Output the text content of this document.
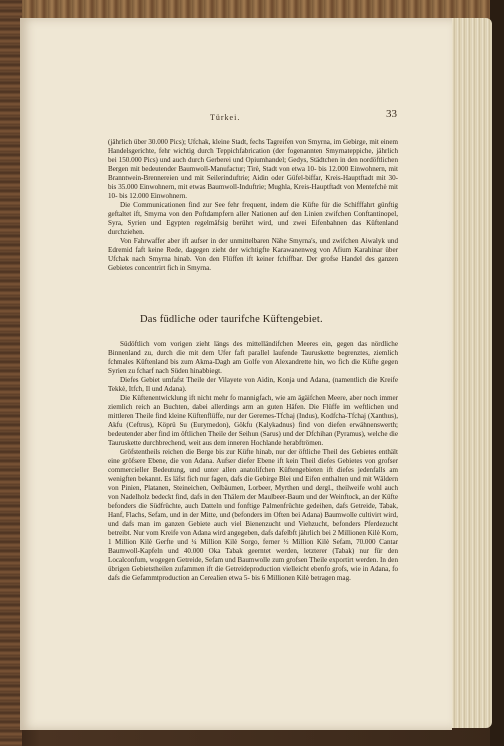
Türkei.	33

(jährlich über 30.000 Pics); Ufchak, kleine Stadt, fechs Tagreifen von Smyrna, im Gebirge, mit einem Handelsgerichte, fehr wichtig durch Teppichfabrication (der fogenannten Smyrnateppiche, jährlich bei 150.000 Pics) und auch durch Gerberei und Opiumhandel; Gedys, Städtchen in den nordöftlichen Bergen mit bedeutender Baumwoll-Manufactur; Tirè, Stadt von etwa 10- bis 12.000 Einwohnern, mit Branntwein-Brennereien und mit Seilerinduftrie; Aidin oder Güfel-biffar, Kreis-Hauptftadt mit 30- bis 35.000 Einwohnern, mit etwas Baumwoll-Induftrie; Mughla, Kreis-Hauptftadt von Mentefchè mit 10- bis 12.000 Einwohnern.

Die Communicationen find zur See fehr frequent, indem die Küfte für die Schifffahrt günftig geftaltet ift, Smyrna von den Poftdampfern aller Nationen auf den Linien zwifchen Conftantinopel, Syra, Syrien und Egypten regelmäfsig berührt wird, und zwei Eifenbahnen das Küftenland durchziehen.

Von Fahrwaffer aber ift aufser in der unmittelbaren Nähe Smyrna's, und zwifchen Aiwalyk und Edremid faft keine Rede, dagegen zieht der wichtigfte Karawanenweg von Afium Karahinar über Ufchak nach Smyrna hinab. Von den Flüffen ift keiner fchiffbar. Der grofse Handel des ganzen Gebietes concentrirt fich in Smyrna.

Das füdliche oder taurifche Küftengebiet.

Südöftlich vom vorigen zieht längs des mittelländifchen Meeres ein, gegen das nördliche Binnenland zu, durch die mit dem Ufer faft parallel laufende Tauruskette begrenztes, ziemlich fchmales Küftenland bis zum Akma-Dagh am Golfe von Alexandrette hin, wo fich die Küfte gegen Syrien zu fcharf nach Süden hinabbiegt.

Diefes Gebiet umfafst Theile der Vilayete von Aidin, Konja und Adana, (namentlich die Kreife Tekkè, Itfch, Il und Adana).

Die Küftenentwicklung ift nicht mehr fo mannigfach, wie am ägäifchen Meere, aber noch immer ziemlich reich an Buchten, dabei allerdings arm an guten Häfen. Die Flüffe im weftlichen und mittleren Theile find kleine Küftenflüffe, nur der Geremes-Tfchaj (Indus), Kodfcha-Tfchaj (Xanthus), Akfu (Ceftrus), Köprü Su (Eurymedon), Gökfu (Kalykadnus) find von diefen erwähnenswerth; bedeutender aber find im öftlichen Theile der Seihun (Sarus) und der Dfchihan (Pyramus), welche die Tauruskette durchbrechend, weit aus dem inneren Hochlande herabftrömen.

Gröfstentheils reichen die Berge bis zur Küfte hinab, nur der öftliche Theil des Gebietes enthält eine gröfsere Ebene, die von Adana. Aufser diefer Ebene ift kein Theil diefes Gebietes von grofser commercieller Bedeutung, und unter allen anatolifchen Küftengebieten ift diefes jedenfalls am wenigften bekannt. Es läfst fich nur fagen, dafs die Gebirge Blei und Eifen enthalten und mit Wäldern von Pinien, Platanen, Steineichen, Oelbäumen, Lorbeer, Myrthen und dergl., theilweife wohl auch von Nadelholz bedeckt find, dafs in den Thälern der Maulbeer-Baum und der Weinftock, an der Küfte befonders die Südfrüchte, auch Datteln und fonftige Palmenfrüchte gedeihen, dafs Getreide, Tabak, Hanf, Flachs, Sefam, und in der Mitte, und (befonders im Often bei Adana) Baumwolle cultivirt wird, und dafs man im ganzen Gebiete auch viel Bienenzucht und Viehzucht, befonders Pferdezucht betreibt. Nur vom Kreife von Adana wird angegeben, dafs dafelbft jährlich bei 2 Millionen Kilè Korn, 1 Million Kilè Gerfte und ¼ Million Kilè Sorgo, ferner ½ Million Kilè Sefam, 70.000 Cantar Baumwoll-Kapfeln und 40.000 Oka Tabak geerntet werden, letzterer (Tabak) nur für den Localconfum, wogegen Getreide, Sefam und Baumwolle zum grofsen Theile exportirt werden. In den übrigen Gebietstheilen zufammen ift die Getreideproduction vielleicht ebenfo grofs, wie in Adana, fo dafs die Gefammtproduction an Cerealien etwa 5- bis 6 Millionen Kilè betragen mag.
